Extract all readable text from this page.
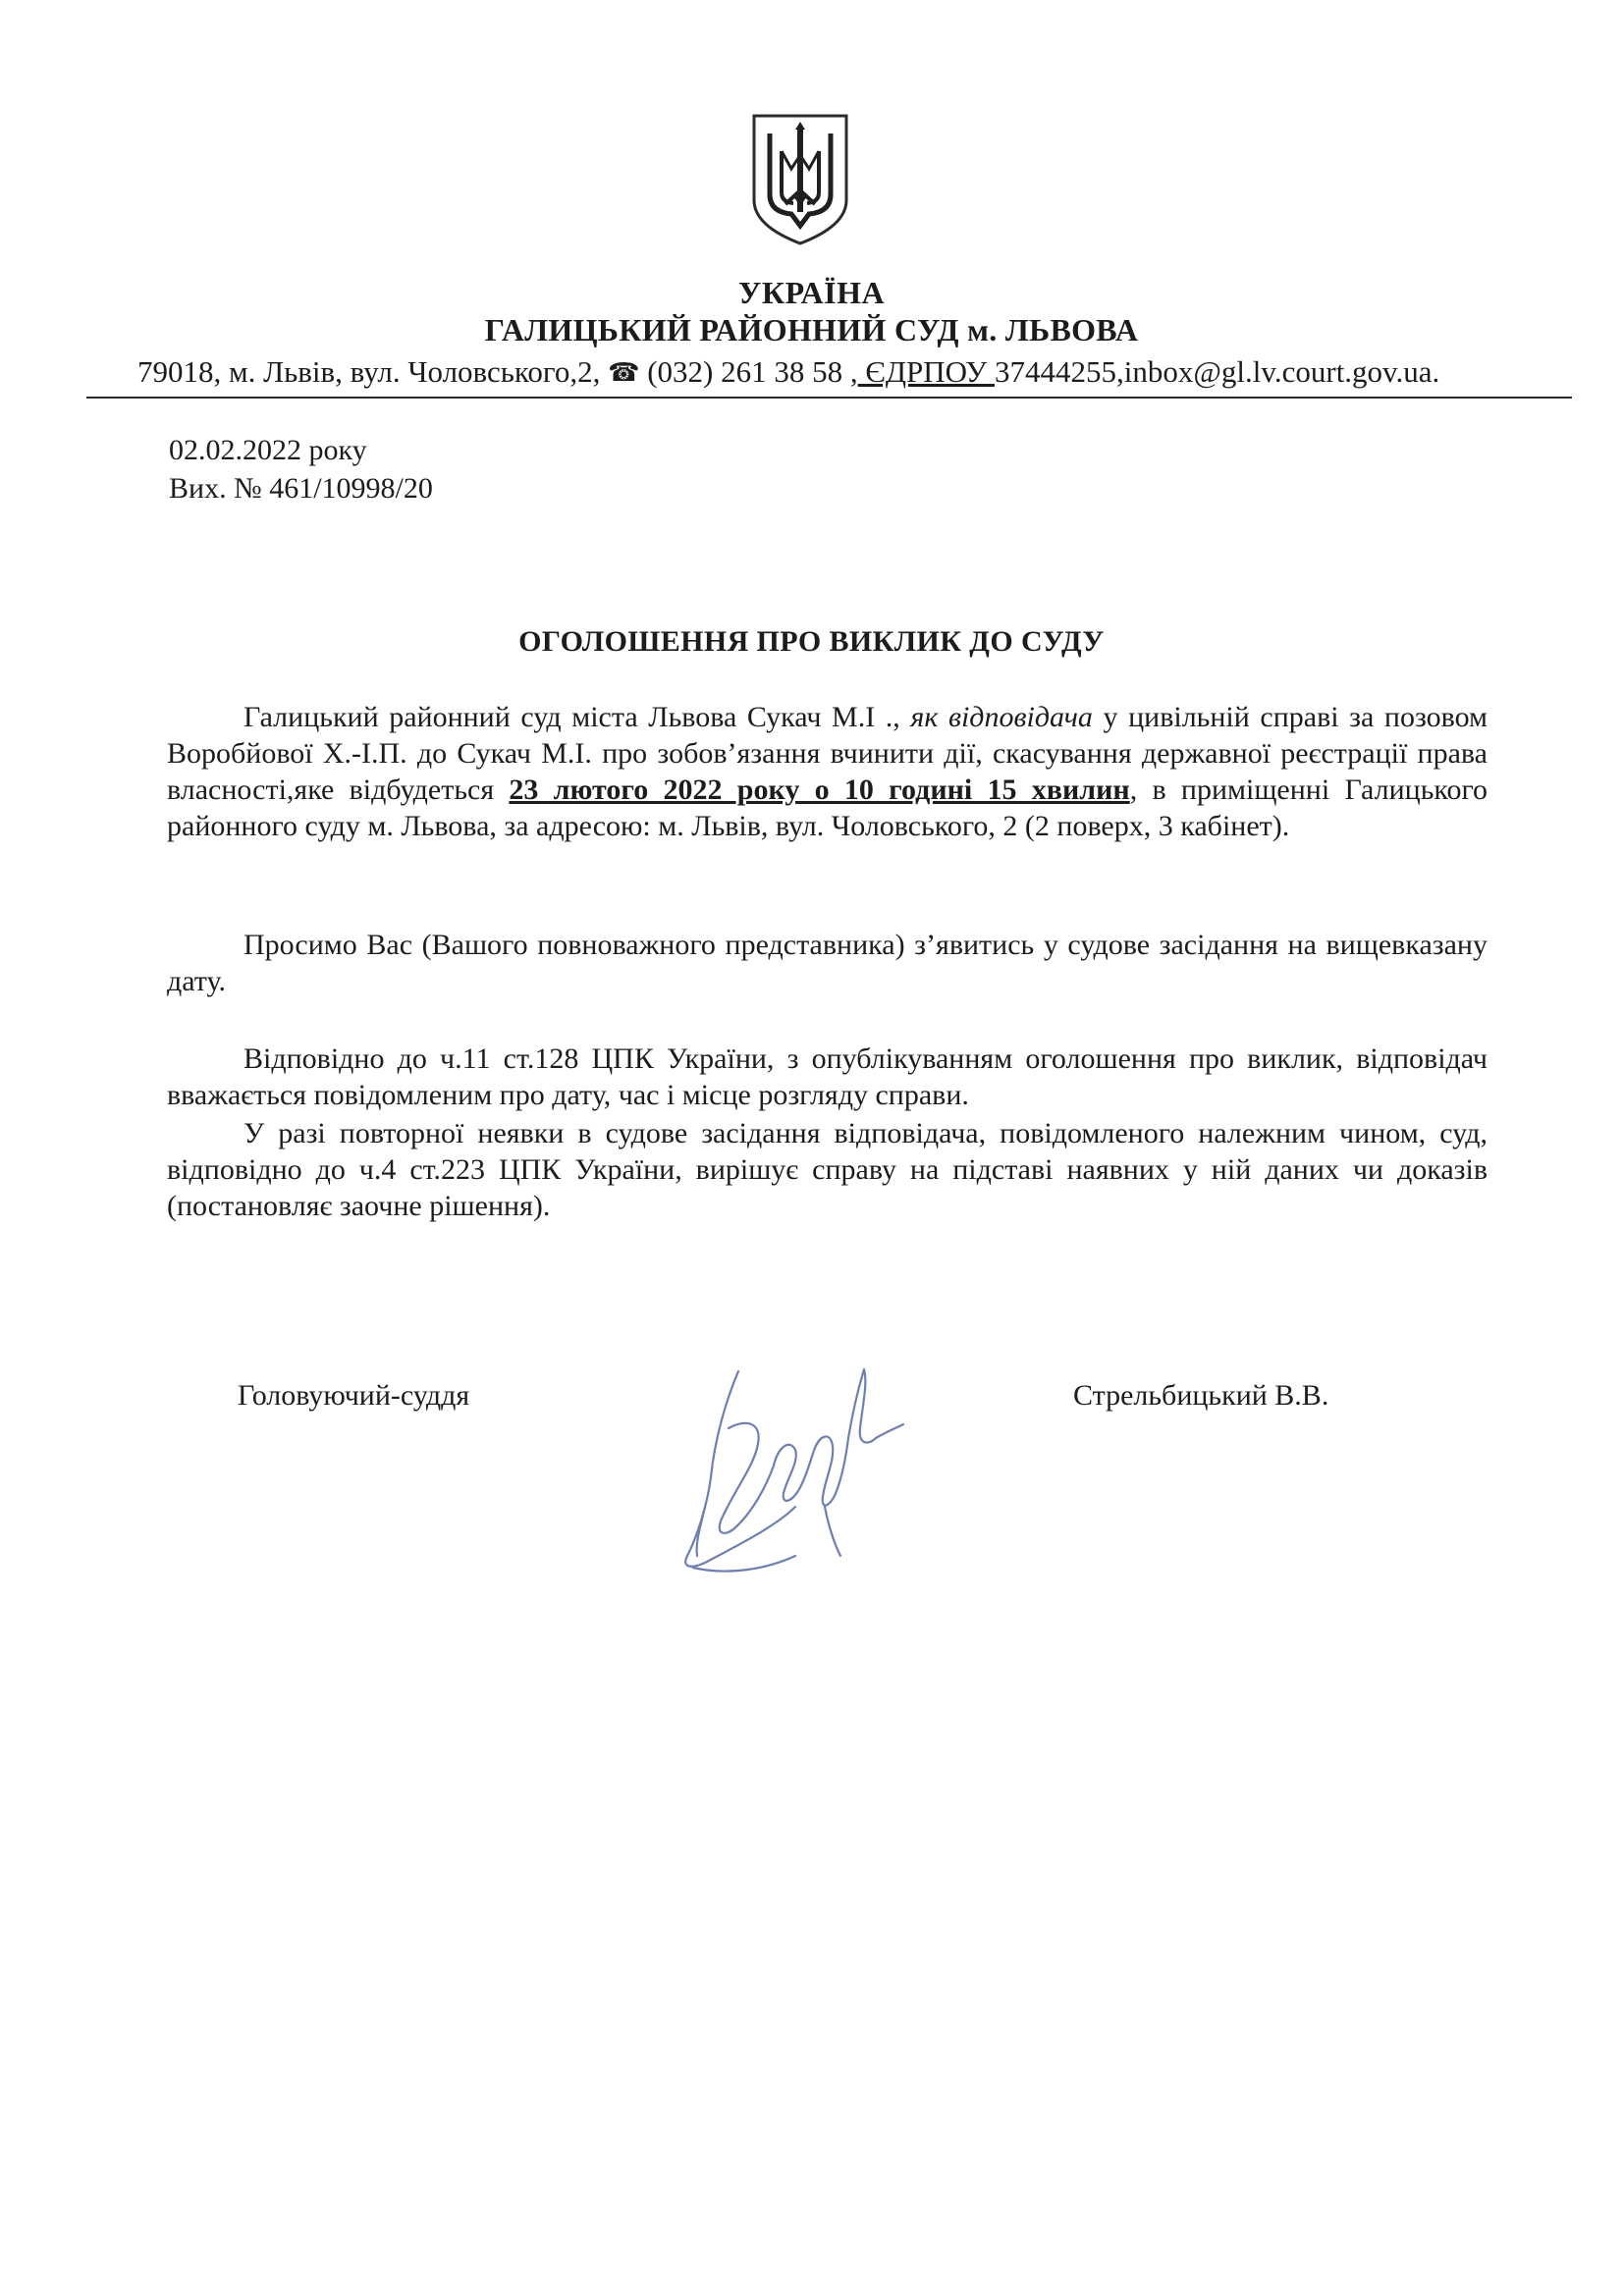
УКРАЇНА
ГАЛИЦЬКИЙ РАЙОННИЙ СУД м. ЛЬВОВА
79018, м. Львів, вул. Чоловського,2, ☎ (032) 261 38 58 , ЄДРПОУ 37444255,inbox@gl.lv.court.gov.ua.
02.02.2022 року
Вих. № 461/10998/20
ОГОЛОШЕННЯ ПРО ВИКЛИК ДО СУДУ
Галицький районний суд міста Львова Сукач М.І ., як відповідача у цивільній справі за позовом Воробйової Х.-І.П. до Сукач М.І. про зобов’язання вчинити дії, скасування державної реєстрації права власності,яке відбудеться 23 лютого 2022 року о 10 годині 15 хвилин, в приміщенні Галицького районного суду м. Львова, за адресою: м. Львів, вул. Чоловського, 2 (2 поверх, 3 кабінет).
Просимо Вас (Вашого повноважного представника) з’явитись у судове засідання на вищевказану дату.
Відповідно до ч.11 ст.128 ЦПК України, з опублікуванням оголошення про виклик, відповідач вважається повідомленим про дату, час і місце розгляду справи.
У разі повторної неявки в судове засідання відповідача, повідомленого належним чином, суд, відповідно до ч.4 ст.223 ЦПК України, вирішує справу на підставі наявних у ній даних чи доказів (постановляє заочне рішення).
Головуючий-суддя	Стрельбицький В.В.
